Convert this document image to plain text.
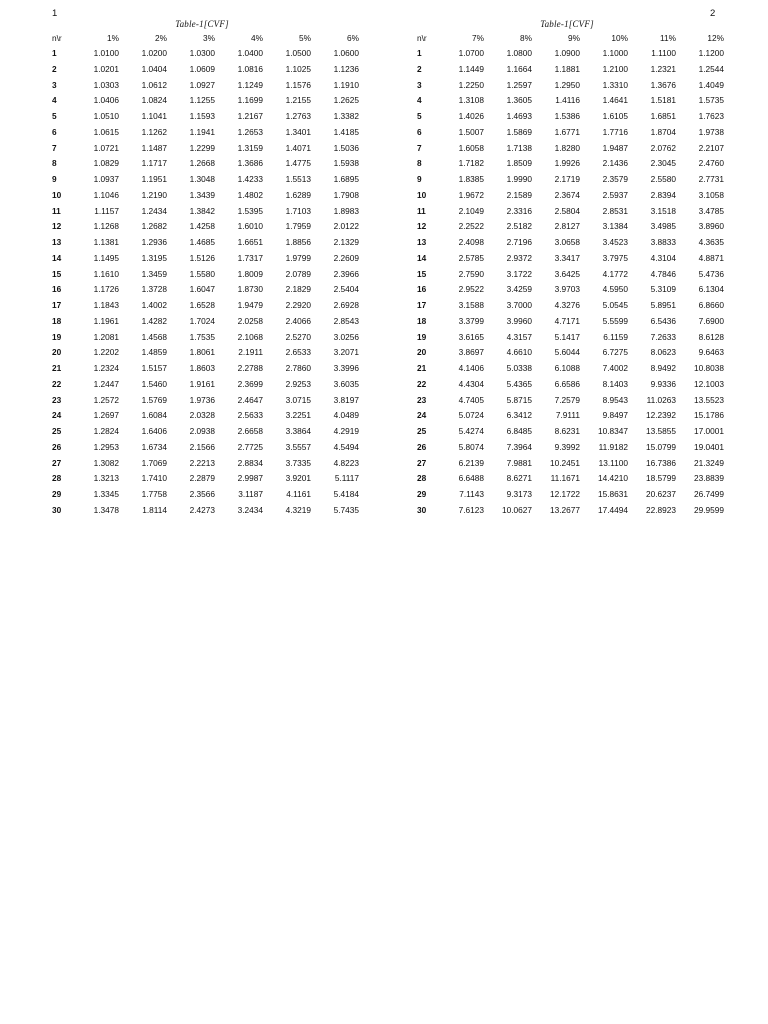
1	2
Table-1[CVF]
n\r	1%	2%	3%	4%	5%	6%
1	1.0100	1.0200	1.0300	1.0400	1.0500	1.0600
2	1.0201	1.0404	1.0609	1.0816	1.1025	1.1236
3	1.0303	1.0612	1.0927	1.1249	1.1576	1.1910
4	1.0406	1.0824	1.1255	1.1699	1.2155	1.2625
5	1.0510	1.1041	1.1593	1.2167	1.2763	1.3382
6	1.0615	1.1262	1.1941	1.2653	1.3401	1.4185
7	1.0721	1.1487	1.2299	1.3159	1.4071	1.5036
8	1.0829	1.1717	1.2668	1.3686	1.4775	1.5938
9	1.0937	1.1951	1.3048	1.4233	1.5513	1.6895
10	1.1046	1.2190	1.3439	1.4802	1.6289	1.7908
11	1.1157	1.2434	1.3842	1.5395	1.7103	1.8983
12	1.1268	1.2682	1.4258	1.6010	1.7959	2.0122
13	1.1381	1.2936	1.4685	1.6651	1.8856	2.1329
14	1.1495	1.3195	1.5126	1.7317	1.9799	2.2609
15	1.1610	1.3459	1.5580	1.8009	2.0789	2.3966
16	1.1726	1.3728	1.6047	1.8730	2.1829	2.5404
17	1.1843	1.4002	1.6528	1.9479	2.2920	2.6928
18	1.1961	1.4282	1.7024	2.0258	2.4066	2.8543
19	1.2081	1.4568	1.7535	2.1068	2.5270	3.0256
20	1.2202	1.4859	1.8061	2.1911	2.6533	3.2071
21	1.2324	1.5157	1.8603	2.2788	2.7860	3.3996
22	1.2447	1.5460	1.9161	2.3699	2.9253	3.6035
23	1.2572	1.5769	1.9736	2.4647	3.0715	3.8197
24	1.2697	1.6084	2.0328	2.5633	3.2251	4.0489
25	1.2824	1.6406	2.0938	2.6658	3.3864	4.2919
26	1.2953	1.6734	2.1566	2.7725	3.5557	4.5494
27	1.3082	1.7069	2.2213	2.8834	3.7335	4.8223
28	1.3213	1.7410	2.2879	2.9987	3.9201	5.1117
29	1.3345	1.7758	2.3566	3.1187	4.1161	5.4184
30	1.3478	1.8114	2.4273	3.2434	4.3219	5.7435
Table-1[CVF]
n\r	7%	8%	9%	10%	11%	12%
1	1.0700	1.0800	1.0900	1.1000	1.1100	1.1200
2	1.1449	1.1664	1.1881	1.2100	1.2321	1.2544
3	1.2250	1.2597	1.2950	1.3310	1.3676	1.4049
4	1.3108	1.3605	1.4116	1.4641	1.5181	1.5735
5	1.4026	1.4693	1.5386	1.6105	1.6851	1.7623
6	1.5007	1.5869	1.6771	1.7716	1.8704	1.9738
7	1.6058	1.7138	1.8280	1.9487	2.0762	2.2107
8	1.7182	1.8509	1.9926	2.1436	2.3045	2.4760
9	1.8385	1.9990	2.1719	2.3579	2.5580	2.7731
10	1.9672	2.1589	2.3674	2.5937	2.8394	3.1058
11	2.1049	2.3316	2.5804	2.8531	3.1518	3.4785
12	2.2522	2.5182	2.8127	3.1384	3.4985	3.8960
13	2.4098	2.7196	3.0658	3.4523	3.8833	4.3635
14	2.5785	2.9372	3.3417	3.7975	4.3104	4.8871
15	2.7590	3.1722	3.6425	4.1772	4.7846	5.4736
16	2.9522	3.4259	3.9703	4.5950	5.3109	6.1304
17	3.1588	3.7000	4.3276	5.0545	5.8951	6.8660
18	3.3799	3.9960	4.7171	5.5599	6.5436	7.6900
19	3.6165	4.3157	5.1417	6.1159	7.2633	8.6128
20	3.8697	4.6610	5.6044	6.7275	8.0623	9.6463
21	4.1406	5.0338	6.1088	7.4002	8.9492	10.8038
22	4.4304	5.4365	6.6586	8.1403	9.9336	12.1003
23	4.7405	5.8715	7.2579	8.9543	11.0263	13.5523
24	5.0724	6.3412	7.9111	9.8497	12.2392	15.1786
25	5.4274	6.8485	8.6231	10.8347	13.5855	17.0001
26	5.8074	7.3964	9.3992	11.9182	15.0799	19.0401
27	6.2139	7.9881	10.2451	13.1100	16.7386	21.3249
28	6.6488	8.6271	11.1671	14.4210	18.5799	23.8839
29	7.1143	9.3173	12.1722	15.8631	20.6237	26.7499
30	7.6123	10.0627	13.2677	17.4494	22.8923	29.9599
